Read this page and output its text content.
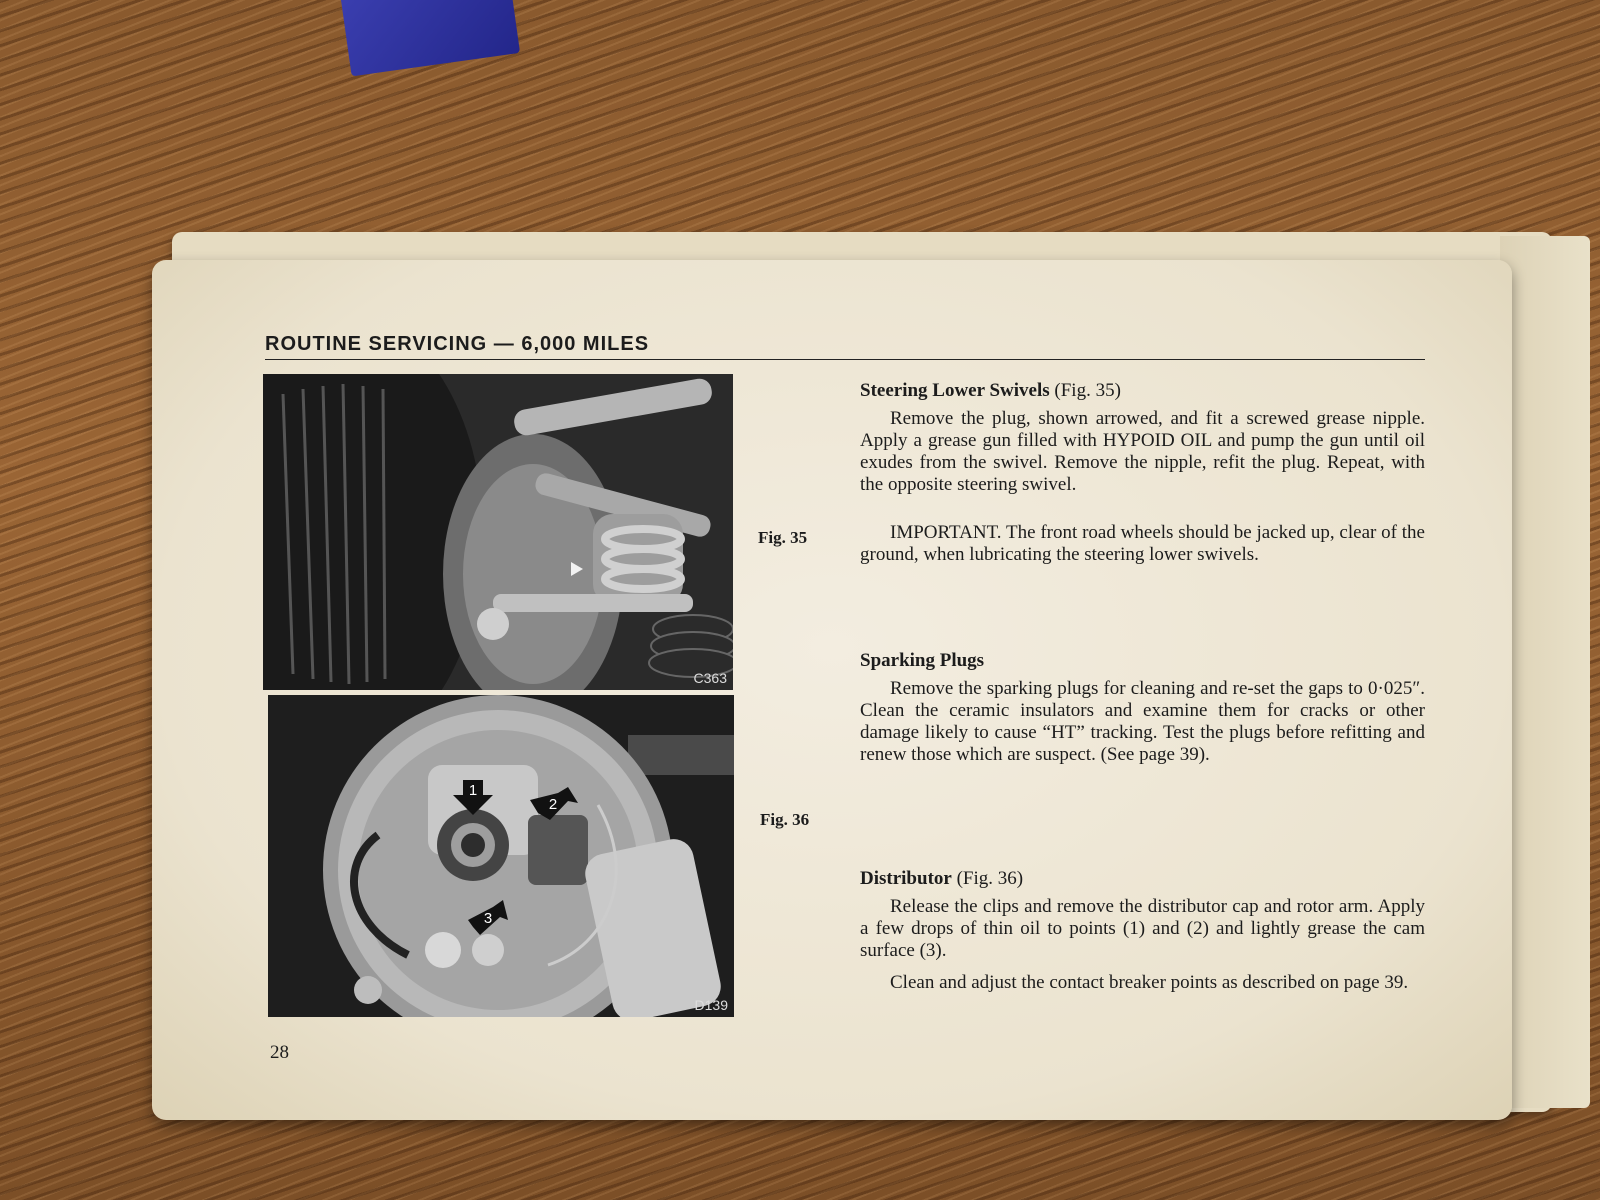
ROUTINE SERVICING — 6,000 MILES
C363
1
2
3
D139
Fig. 35
Fig. 36
Steering Lower Swivels (Fig. 35)

Remove the plug, shown arrowed, and fit a screwed grease nipple. Apply a grease gun filled with HYPOID OIL and pump the gun until oil exudes from the swivel. Remove the nipple, refit the plug. Repeat, with the opposite steering swivel.

IMPORTANT. The front road wheels should be jacked up, clear of the ground, when lubricating the steering lower swivels.

Sparking Plugs

Remove the sparking plugs for cleaning and re-set the gaps to 0·025″. Clean the ceramic insulators and examine them for cracks or other damage likely to cause “HT” tracking. Test the plugs before refitting and renew those which are suspect. (See page 39).

Distributor (Fig. 36)

Release the clips and remove the distributor cap and rotor arm. Apply a few drops of thin oil to points (1) and (2) and lightly grease the cam surface (3).

Clean and adjust the contact breaker points as described on page 39.

28
